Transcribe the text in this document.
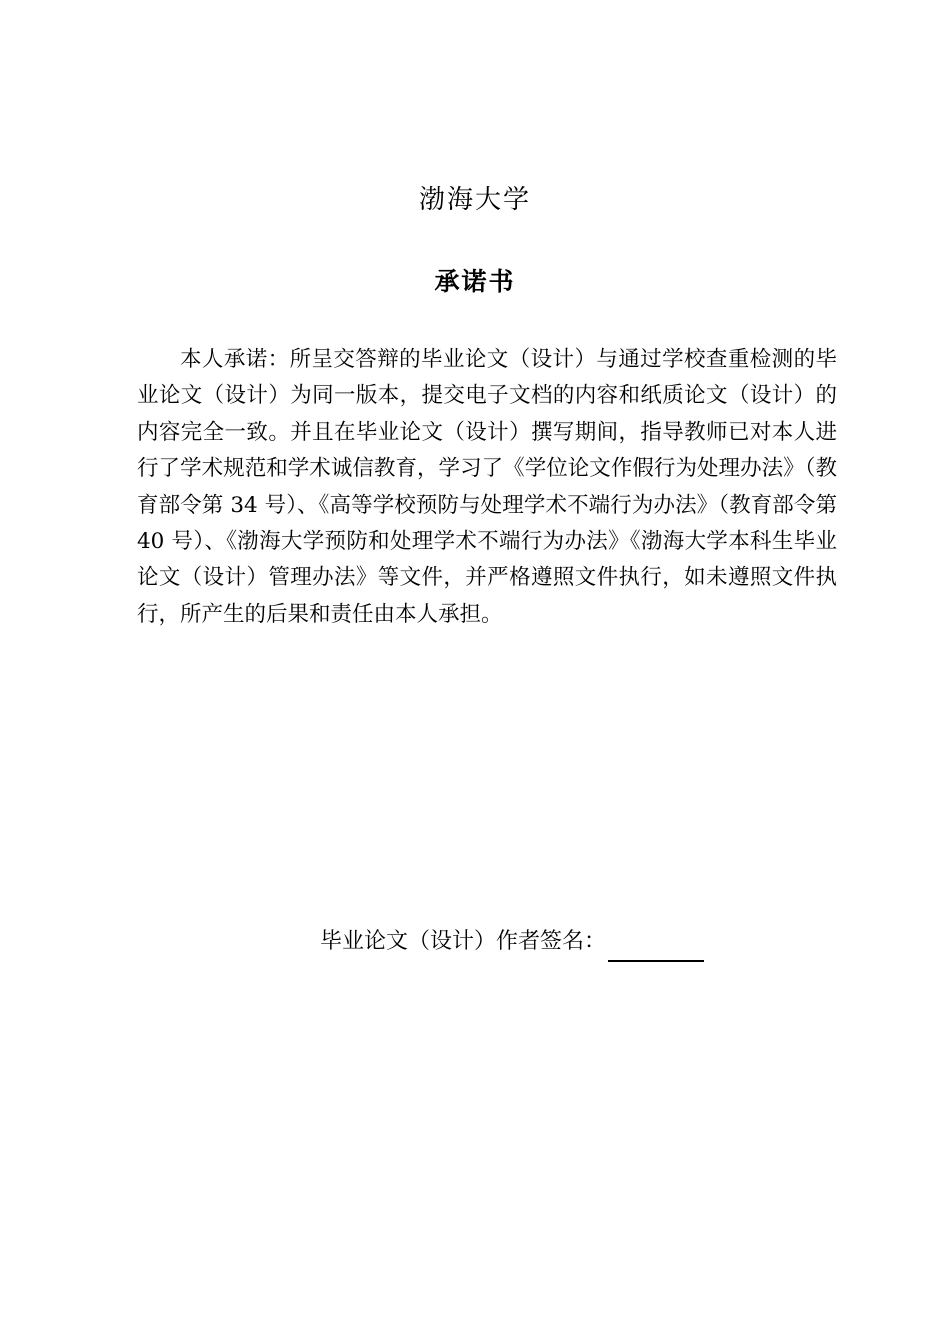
渤海大学
承诺书

本人承诺：所呈交答辩的毕业论文（设计）与通过学校查重检测的毕业论文（设计）为同一版本，提交电子文档的内容和纸质论文（设计）的内容完全一致。并且在毕业论文（设计）撰写期间，指导教师已对本人进行了学术规范和学术诚信教育，学习了《学位论文作假行为处理办法》（教育部令第 34 号）、《高等学校预防与处理学术不端行为办法》（教育部令第 40 号）、《渤海大学预防和处理学术不端行为办法》《渤海大学本科生毕业论文（设计）管理办法》等文件，并严格遵照文件执行，如未遵照文件执行，所产生的后果和责任由本人承担。

毕业论文（设计）作者签名：
